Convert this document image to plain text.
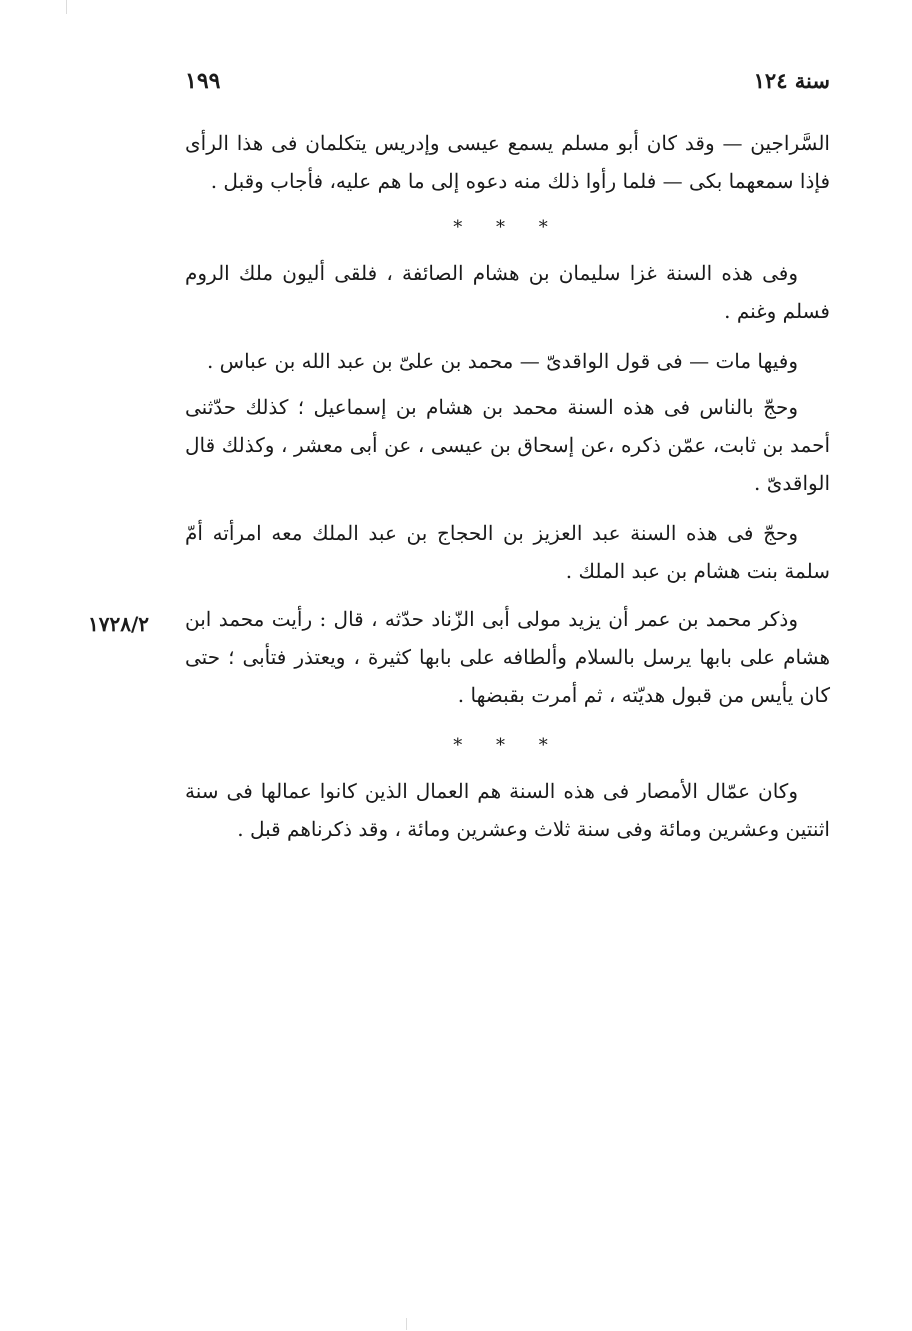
سنة ١٢٤
١٩٩
١٧٢٨/٢

السَّراجين — وقد كان أبو مسلم يسمع عيسى وإدريس يتكلمان فى هذا الرأى فإذا سمعهما بكى — فلما رأوا ذلك منه دعوه إلى ما هم عليه، فأجاب وقبل .

* * *

وفى هذه السنة غزا سليمان بن هشام الصائفة ، فلقى أليون ملك الروم فسلم وغنم .

وفيها مات — فى قول الواقدىّ — محمد بن علىّ بن عبد الله بن عباس .

وحجّ بالناس فى هذه السنة محمد بن هشام بن إسماعيل ؛ كذلك حدّثنى أحمد بن ثابت، عمّن ذكره ،عن إسحاق بن عيسى ، عن أبى معشر ، وكذلك قال الواقدىّ .

وحجّ فى هذه السنة عبد العزيز بن الحجاج بن عبد الملك معه امرأته أمّ سلمة بنت هشام بن عبد الملك .

وذكر محمد بن عمر أن يزيد مولى أبى الزّناد حدّثه ، قال : رأيت محمد ابن هشام على بابها يرسل بالسلام وألطافه على بابها كثيرة ، ويعتذر فتأبى ؛ حتى كان يأيس من قبول هديّته ، ثم أمرت بقبضها .

* * *

وكان عمّال الأمصار فى هذه السنة هم العمال الذين كانوا عمالها فى سنة اثنتين وعشرين ومائة وفى سنة ثلاث وعشرين ومائة ، وقد ذكرناهم قبل .
